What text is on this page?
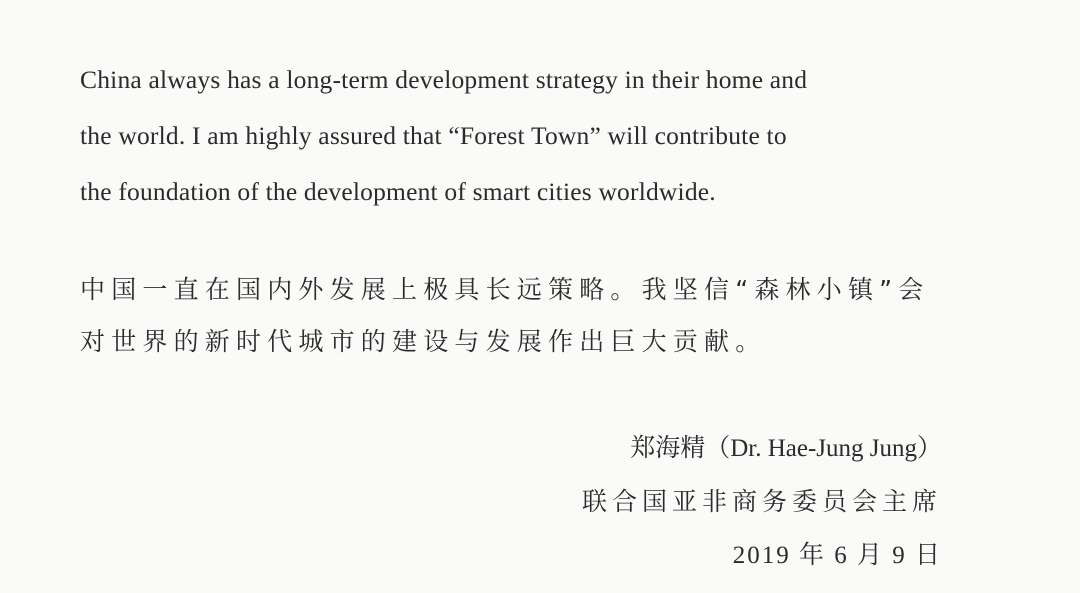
China always has a long-term development strategy in their home and
the world. I am highly assured that “Forest Town” will contribute to
the foundation of the development of smart cities worldwide.

中国一直在国内外发展上极具长远策略。我坚信“森林小镇”会
对世界的新时代城市的建设与发展作出巨大贡献。

郑海精（Dr. Hae-Jung Jung）

联合国亚非商务委员会主席

2019 年 6 月 9 日
